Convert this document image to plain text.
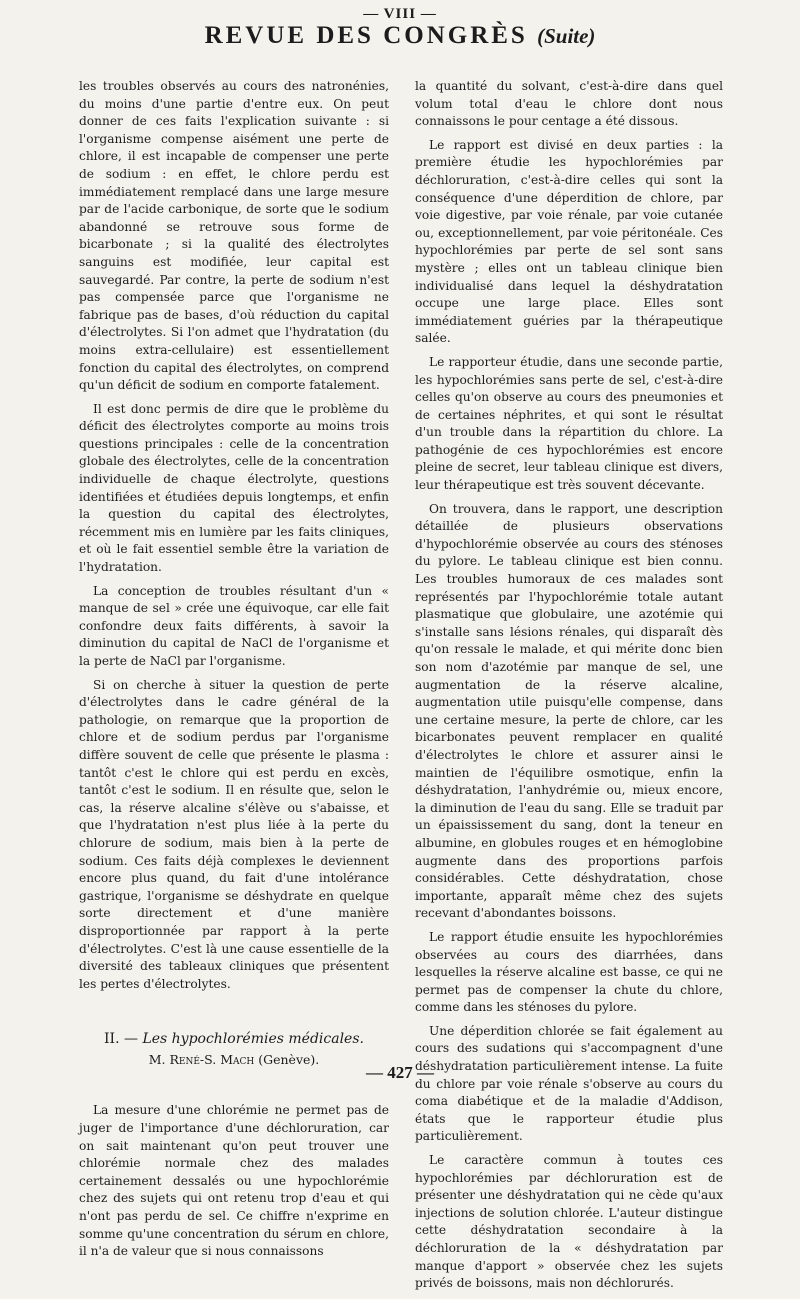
— VIII —
REVUE DES CONGRÈS (Suite)

les troubles observés au cours des natronénies, du moins d'une partie d'entre eux. On peut donner de ces faits l'explication suivante : si l'organisme compense aisément une perte de chlore, il est incapable de compenser une perte de sodium : en effet, le chlore perdu est immédiatement remplacé dans une large mesure par de l'acide carbonique, de sorte que le sodium abandonné se retrouve sous forme de bicarbonate ; si la qualité des électrolytes sanguins est modifiée, leur capital est sauvegardé. Par contre, la perte de sodium n'est pas compensée parce que l'organisme ne fabrique pas de bases, d'où réduction du capital d'électrolytes. Si l'on admet que l'hydratation (du moins extra-cellulaire) est essentiellement fonction du capital des électrolytes, on comprend qu'un déficit de sodium en comporte fatalement.

Il est donc permis de dire que le problème du déficit des électrolytes comporte au moins trois questions principales : celle de la concentration globale des électrolytes, celle de la concentration individuelle de chaque électrolyte, questions identifiées et étudiées depuis longtemps, et enfin la question du capital des électrolytes, récemment mis en lumière par les faits cliniques, et où le fait essentiel semble être la variation de l'hydratation.

La conception de troubles résultant d'un « manque de sel » crée une équivoque, car elle fait confondre deux faits différents, à savoir la diminution du capital de NaCl de l'organisme et la perte de NaCl par l'organisme.

Si on cherche à situer la question de perte d'électrolytes dans le cadre général de la pathologie, on remarque que la proportion de chlore et de sodium perdus par l'organisme diffère souvent de celle que présente le plasma : tantôt c'est le chlore qui est perdu en excès, tantôt c'est le sodium. Il en résulte que, selon le cas, la réserve alcaline s'élève ou s'abaisse, et que l'hydratation n'est plus liée à la perte du chlorure de sodium, mais bien à la perte de sodium. Ces faits déjà complexes le deviennent encore plus quand, du fait d'une intolérance gastrique, l'organisme se déshydrate en quelque sorte directement et d'une manière disproportionnée par rapport à la perte d'électrolytes. C'est là une cause essentielle de la diversité des tableaux cliniques que présentent les pertes d'électrolytes.

II. — Les hypochlorémies médicales.
M. René-S. Mach (Genève).

La mesure d'une chlorémie ne permet pas de juger de l'importance d'une déchloruration, car on sait maintenant qu'on peut trouver une chlorémie normale chez des malades certainement dessalés ou une hypochlorémie chez des sujets qui ont retenu trop d'eau et qui n'ont pas perdu de sel. Ce chiffre n'exprime en somme qu'une concentration du sérum en chlore, il n'a de valeur que si nous connaissons

la quantité du solvant, c'est-à-dire dans quel volum total d'eau le chlore dont nous connaissons le pour centage a été dissous.

Le rapport est divisé en deux parties : la première étudie les hypochlorémies par déchloruration, c'est-à-dire celles qui sont la conséquence d'une déperdition de chlore, par voie digestive, par voie rénale, par voie cutanée ou, exceptionnellement, par voie péritonéale. Ces hypochlorémies par perte de sel sont sans mystère ; elles ont un tableau clinique bien individualisé dans lequel la déshydratation occupe une large place. Elles sont immédiatement guéries par la thérapeutique salée.

Le rapporteur étudie, dans une seconde partie, les hypochlorémies sans perte de sel, c'est-à-dire celles qu'on observe au cours des pneumonies et de certaines néphrites, et qui sont le résultat d'un trouble dans la répartition du chlore. La pathogénie de ces hypochlorémies est encore pleine de secret, leur tableau clinique est divers, leur thérapeutique est très souvent décevante.

On trouvera, dans le rapport, une description détaillée de plusieurs observations d'hypochlorémie observée au cours des sténoses du pylore. Le tableau clinique est bien connu. Les troubles humoraux de ces malades sont représentés par l'hypochlorémie totale autant plasmatique que globulaire, une azotémie qui s'installe sans lésions rénales, qui disparaît dès qu'on ressale le malade, et qui mérite donc bien son nom d'azotémie par manque de sel, une augmentation de la réserve alcaline, augmentation utile puisqu'elle compense, dans une certaine mesure, la perte de chlore, car les bicarbonates peuvent remplacer en qualité d'électrolytes le chlore et assurer ainsi le maintien de l'équilibre osmotique, enfin la déshydratation, l'anhydrémie ou, mieux encore, la diminution de l'eau du sang. Elle se traduit par un épaississement du sang, dont la teneur en albumine, en globules rouges et en hémoglobine augmente dans des proportions parfois considérables. Cette déshydratation, chose importante, apparaît même chez des sujets recevant d'abondantes boissons.

Le rapport étudie ensuite les hypochlorémies observées au cours des diarrhées, dans lesquelles la réserve alcaline est basse, ce qui ne permet pas de compenser la chute du chlore, comme dans les sténoses du pylore.

Une déperdition chlorée se fait également au cours des sudations qui s'accompagnent d'une déshydratation particulièrement intense. La fuite du chlore par voie rénale s'observe au cours du coma diabétique et de la maladie d'Addison, états que le rapporteur étudie plus particulièrement.

Le caractère commun à toutes ces hypochlorémies par déchloruration est de présenter une déshydratation qui ne cède qu'aux injections de solution chlorée. L'auteur distingue cette déshydratation secondaire à la déchloruration de la « déshydratation par manque d'apport » observée chez les sujets privés de boissons, mais non déchlorurés.

— 427 —
